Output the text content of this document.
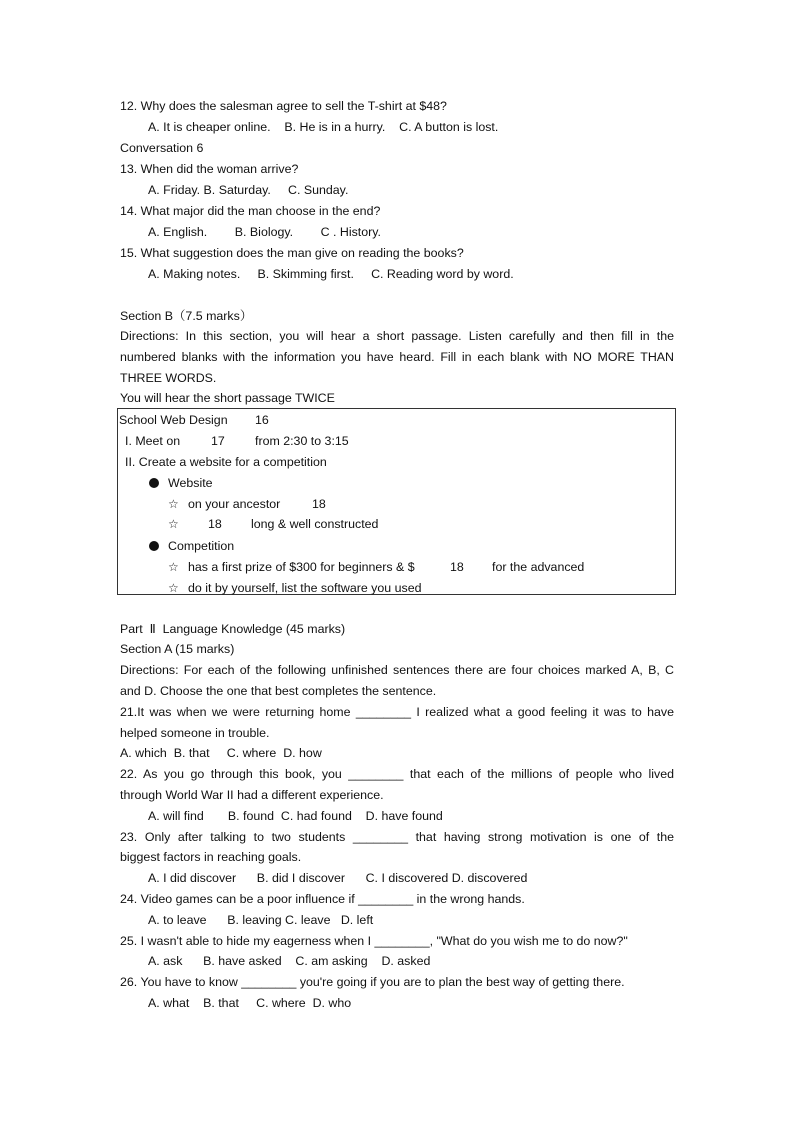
12. Why does the salesman agree to sell the T-shirt at $48?
A. It is cheaper online.    B. He is in a hurry.    C. A button is lost.
Conversation 6
13. When did the woman arrive?
A. Friday. B. Saturday.     C. Sunday.
14. What major did the man choose in the end?
A. English.        B. Biology.        C . History.
15. What suggestion does the man give on reading the books?
A. Making notes.     B. Skimming first.     C. Reading word by word.
Section B（7.5 marks）
Directions: In this section, you will hear a short passage. Listen carefully and then fill in the
numbered blanks with the information you have heard. Fill in each blank with NO MORE THAN
THREE WORDS.
You will hear the short passage TWICE
School Web Design 16
I. Meet on 17 from 2:30 to 3:15
II. Create a website for a competition
Website
☆ on your ancestor	18
☆ 18 long & well constructed
Competition
☆ has a first prize of $300 for beginners & $	18 for the advanced
☆ do it by yourself, list the software you used
Part  Ⅱ  Language Knowledge (45 marks)
Section A (15 marks)
Directions: For each of the following unfinished sentences there are four choices marked A, B, C
and D. Choose the one that best completes the sentence.
21.It was when we were returning home ________ I realized what a good feeling it was to have
helped someone in trouble.
A. which  B. that     C. where  D. how
22. As you go through this book, you ________ that each of the millions of people who lived
through World War II had a different experience.
A. will find       B. found  C. had found    D. have found
23. Only after talking to two students ________ that having strong motivation is one of the
biggest factors in reaching goals.
A. I did discover      B. did I discover      C. I discovered D. discovered
24. Video games can be a poor influence if ________ in the wrong hands.
A. to leave      B. leaving C. leave   D. left
25. I wasn't able to hide my eagerness when I ________, "What do you wish me to do now?"
A. ask      B. have asked    C. am asking    D. asked
26. You have to know ________ you're going if you are to plan the best way of getting there.
A. what    B. that     C. where  D. who
